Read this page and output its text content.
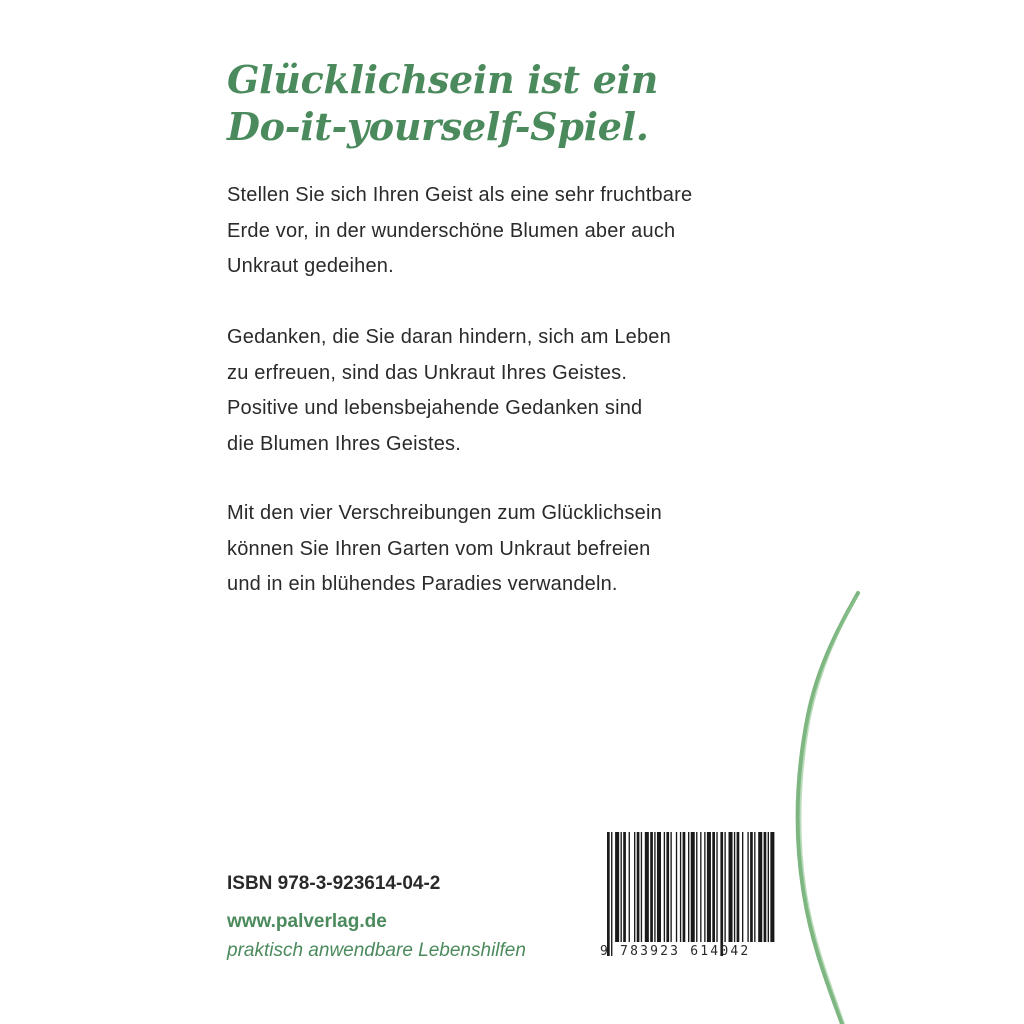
Glücklichsein ist ein
Do-it-yourself-Spiel.

Stellen Sie sich Ihren Geist als eine sehr fruchtbare
Erde vor, in der wunderschöne Blumen aber auch
Unkraut gedeihen.

Gedanken, die Sie daran hindern, sich am Leben
zu erfreuen, sind das Unkraut Ihres Geistes.
Positive und lebensbejahende Gedanken sind
die Blumen Ihres Geistes.

Mit den vier Verschreibungen zum Glücklichsein
können Sie Ihren Garten vom Unkraut befreien
und in ein blühendes Paradies verwandeln.

ISBN 978-3-923614-04-2
www.palverlag.de
praktisch anwendbare Lebenshilfen	9 783923 614042
